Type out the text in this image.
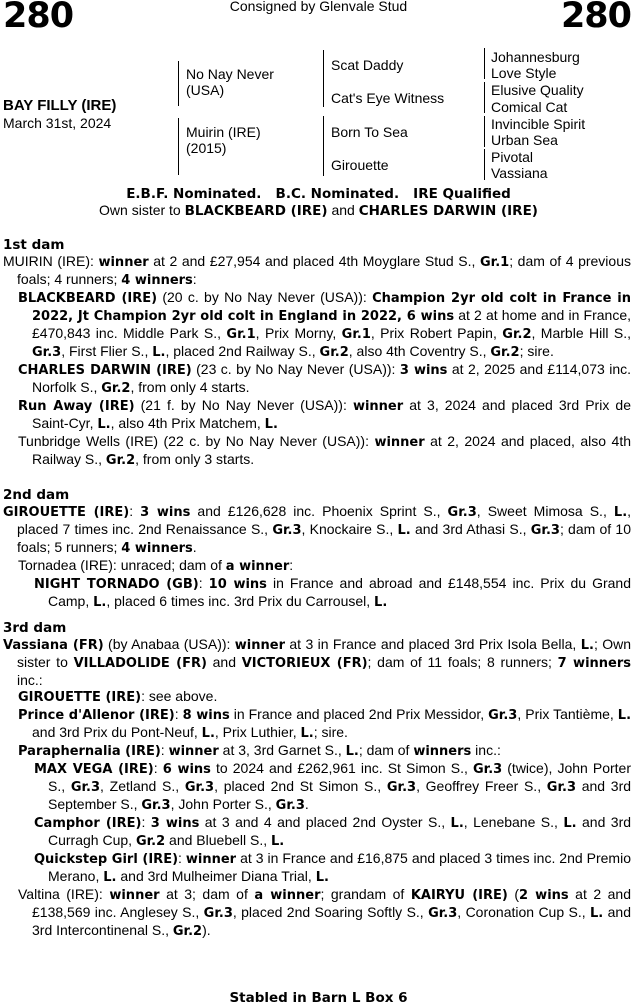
280	Consigned by Glenvale Stud	280
BAY FILLY (IRE)
March 31st, 2024
No Nay Never
(USA)
Muirin (IRE)
(2015)
Scat Daddy
Cat's Eye Witness
Born To Sea
Girouette
Johannesburg
Love Style
Elusive Quality
Comical Cat
Invincible Spirit
Urban Sea
Pivotal
Vassiana
E.B.F. Nominated.   B.C. Nominated.   IRE Qualified
Own sister to BLACKBEARD (IRE) and CHARLES DARWIN (IRE)
1st dam
MUIRIN (IRE): winner at 2 and £27,954 and placed 4th Moyglare Stud S., Gr.1; dam of 4 previous foals; 4 runners; 4 winners:
BLACKBEARD (IRE) (20 c. by No Nay Never (USA)): Champion 2yr old colt in France in 2022, Jt Champion 2yr old colt in England in 2022, 6 wins at 2 at home and in France, £470,843 inc. Middle Park S., Gr.1, Prix Morny, Gr.1, Prix Robert Papin, Gr.2, Marble Hill S., Gr.3, First Flier S., L., placed 2nd Railway S., Gr.2, also 4th Coventry S., Gr.2; sire.
CHARLES DARWIN (IRE) (23 c. by No Nay Never (USA)): 3 wins at 2, 2025 and £114,073 inc. Norfolk S., Gr.2, from only 4 starts.
Run Away (IRE) (21 f. by No Nay Never (USA)): winner at 3, 2024 and placed 3rd Prix de Saint-Cyr, L., also 4th Prix Matchem, L.
Tunbridge Wells (IRE) (22 c. by No Nay Never (USA)): winner at 2, 2024 and placed, also 4th Railway S., Gr.2, from only 3 starts.
2nd dam
GIROUETTE (IRE): 3 wins and £126,628 inc. Phoenix Sprint S., Gr.3, Sweet Mimosa S., L., placed 7 times inc. 2nd Renaissance S., Gr.3, Knockaire S., L. and 3rd Athasi S., Gr.3; dam of 10 foals; 5 runners; 4 winners.
Tornadea (IRE): unraced; dam of a winner:
NIGHT TORNADO (GB): 10 wins in France and abroad and £148,554 inc. Prix du Grand Camp, L., placed 6 times inc. 3rd Prix du Carrousel, L.
3rd dam
Vassiana (FR) (by Anabaa (USA)): winner at 3 in France and placed 3rd Prix Isola Bella, L.; Own sister to VILLADOLIDE (FR) and VICTORIEUX (FR); dam of 11 foals; 8 runners; 7 winners inc.:
GIROUETTE (IRE): see above.
Prince d'Allenor (IRE): 8 wins in France and placed 2nd Prix Messidor, Gr.3, Prix Tantième, L. and 3rd Prix du Pont-Neuf, L., Prix Luthier, L.; sire.
Paraphernalia (IRE): winner at 3, 3rd Garnet S., L.; dam of winners inc.:
MAX VEGA (IRE): 6 wins to 2024 and £262,961 inc. St Simon S., Gr.3 (twice), John Porter S., Gr.3, Zetland S., Gr.3, placed 2nd St Simon S., Gr.3, Geoffrey Freer S., Gr.3 and 3rd September S., Gr.3, John Porter S., Gr.3.
Camphor (IRE): 3 wins at 3 and 4 and placed 2nd Oyster S., L., Lenebane S., L. and 3rd Curragh Cup, Gr.2 and Bluebell S., L.
Quickstep Girl (IRE): winner at 3 in France and £16,875 and placed 3 times inc. 2nd Premio Merano, L. and 3rd Mulheimer Diana Trial, L.
Valtina (IRE): winner at 3; dam of a winner; grandam of KAIRYU (IRE) (2 wins at 2 and £138,569 inc. Anglesey S., Gr.3, placed 2nd Soaring Softly S., Gr.3, Coronation Cup S., L. and 3rd Intercontinenal S., Gr.2).
Stabled in Barn L Box 6
